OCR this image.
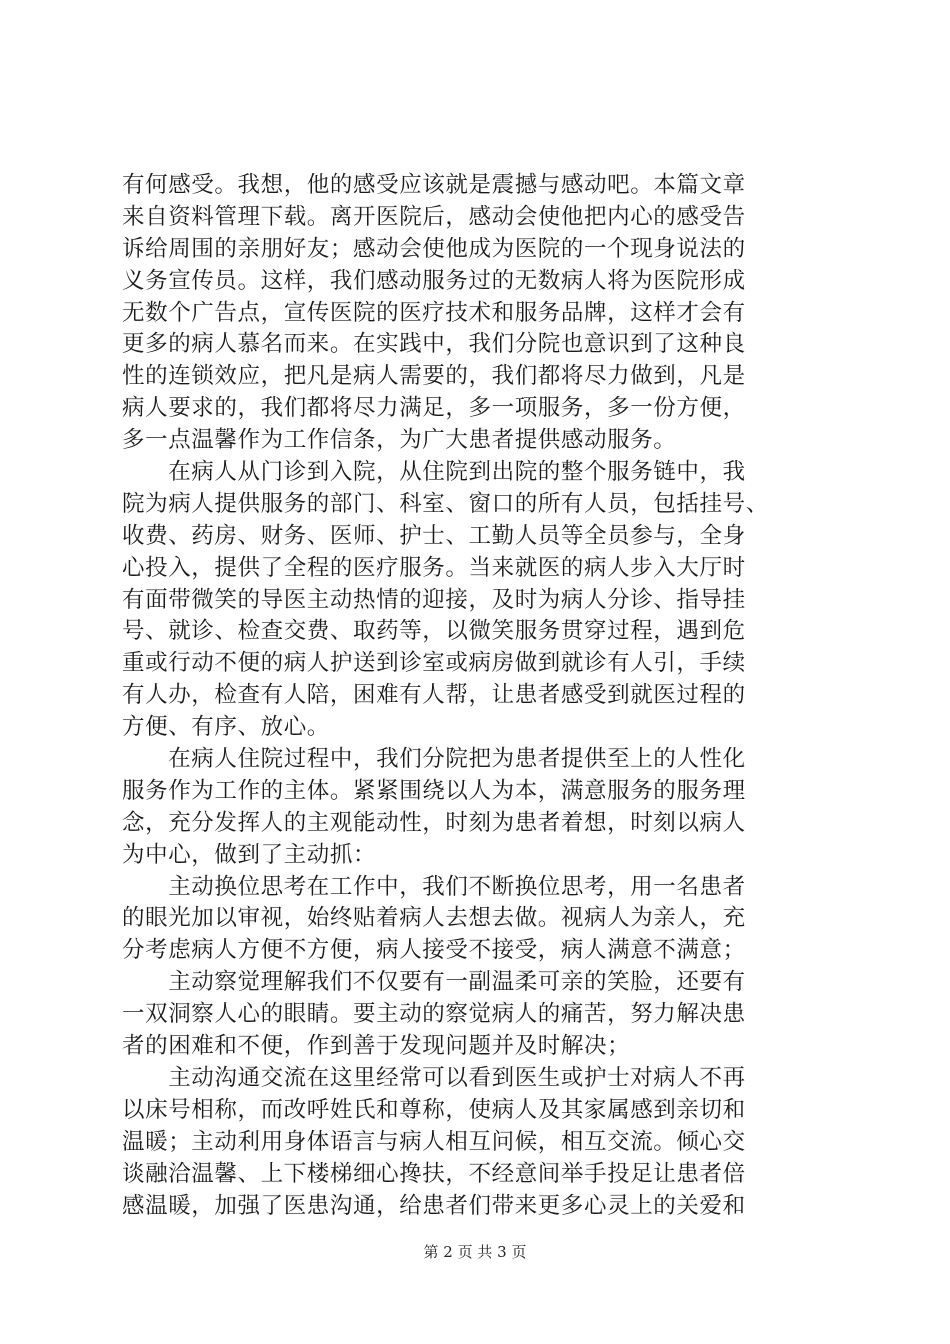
有何感受。我想，他的感受应该就是震撼与感动吧。本篇文章
来自资料管理下载。离开医院后，感动会使他把内心的感受告
诉给周围的亲朋好友；感动会使他成为医院的一个现身说法的
义务宣传员。这样，我们感动服务过的无数病人将为医院形成
无数个广告点，宣传医院的医疗技术和服务品牌，这样才会有
更多的病人慕名而来。在实践中，我们分院也意识到了这种良
性的连锁效应，把凡是病人需要的，我们都将尽力做到，凡是
病人要求的，我们都将尽力满足，多一项服务，多一份方便，
多一点温馨作为工作信条，为广大患者提供感动服务。
　　在病人从门诊到入院，从住院到出院的整个服务链中，我
院为病人提供服务的部门、科室、窗口的所有人员，包括挂号、
收费、药房、财务、医师、护士、工勤人员等全员参与，全身
心投入，提供了全程的医疗服务。当来就医的病人步入大厅时
有面带微笑的导医主动热情的迎接，及时为病人分诊、指导挂
号、就诊、检查交费、取药等，以微笑服务贯穿过程，遇到危
重或行动不便的病人护送到诊室或病房做到就诊有人引，手续
有人办，检查有人陪，困难有人帮，让患者感受到就医过程的
方便、有序、放心。
　　在病人住院过程中，我们分院把为患者提供至上的人性化
服务作为工作的主体。紧紧围绕以人为本，满意服务的服务理
念，充分发挥人的主观能动性，时刻为患者着想，时刻以病人
为中心，做到了主动抓：
　　主动换位思考在工作中，我们不断换位思考，用一名患者
的眼光加以审视，始终贴着病人去想去做。视病人为亲人，充
分考虑病人方便不方便，病人接受不接受，病人满意不满意；
　　主动察觉理解我们不仅要有一副温柔可亲的笑脸，还要有
一双洞察人心的眼睛。要主动的察觉病人的痛苦，努力解决患
者的困难和不便，作到善于发现问题并及时解决；
　　主动沟通交流在这里经常可以看到医生或护士对病人不再
以床号相称，而改呼姓氏和尊称，使病人及其家属感到亲切和
温暖；主动利用身体语言与病人相互问候，相互交流。倾心交
谈融洽温馨、上下楼梯细心搀扶，不经意间举手投足让患者倍
感温暖，加强了医患沟通，给患者们带来更多心灵上的关爱和
第 2 页 共 3 页
